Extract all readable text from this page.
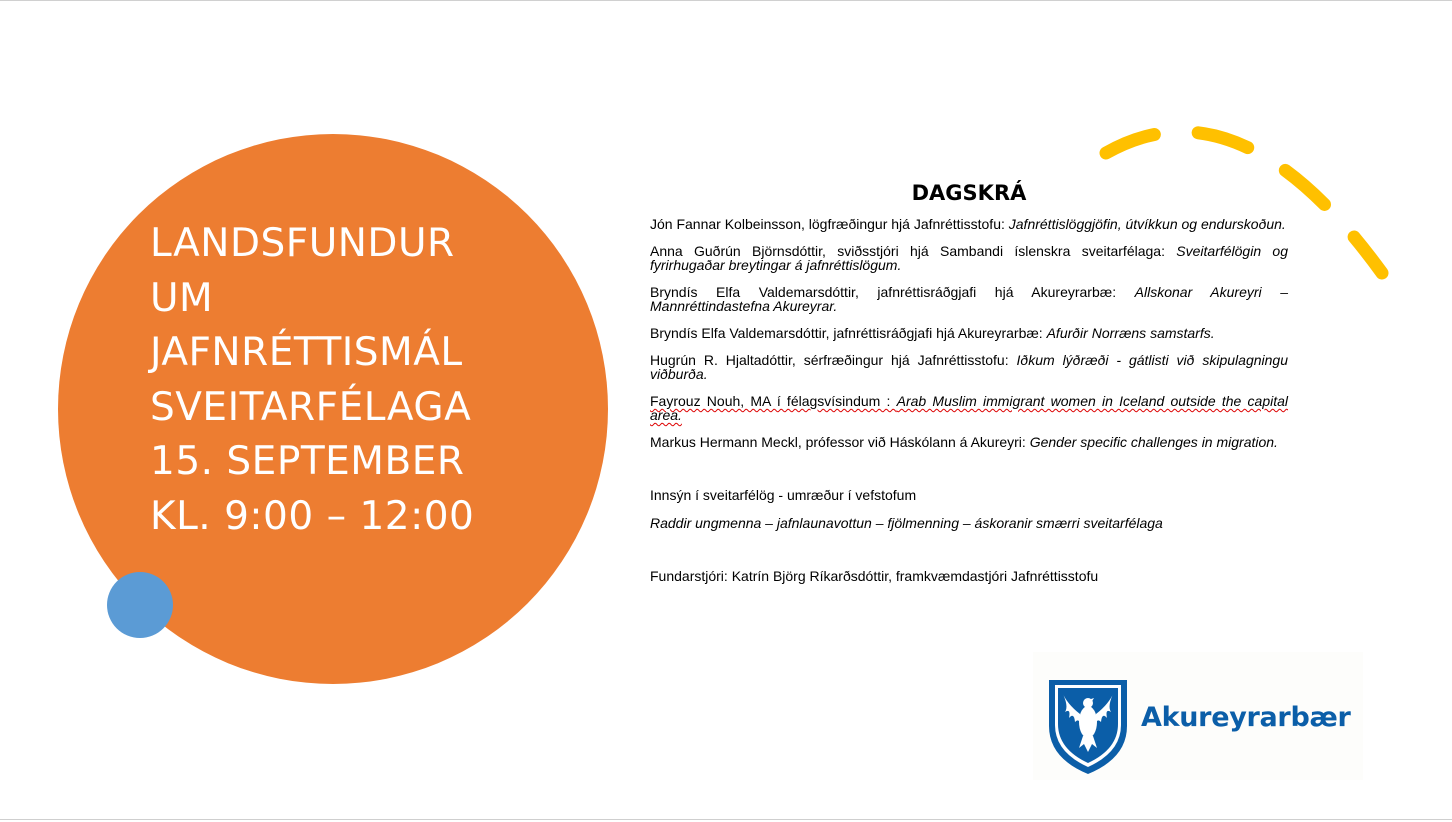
LANDSFUNDUR
UM
JAFNRÉTTISMÁL
SVEITARFÉLAGA
15. SEPTEMBER
KL. 9:00 – 12:00
DAGSKRÁ
Jón Fannar Kolbeinsson, lögfræðingur hjá Jafnréttisstofu: Jafnréttislöggjöfin, útvíkkun og endurskoðun.
Anna Guðrún Björnsdóttir, sviðsstjóri hjá Sambandi íslenskra sveitarfélaga: Sveitarfélögin og fyrirhugaðar breytingar á jafnréttislögum.
Bryndís Elfa Valdemarsdóttir, jafnréttisráðgjafi hjá Akureyrarbæ: Allskonar Akureyri – Mannréttindastefna Akureyrar.
Bryndís Elfa Valdemarsdóttir, jafnréttisráðgjafi hjá Akureyrarbæ: Afurðir Norræns samstarfs.
Hugrún R. Hjaltadóttir, sérfræðingur hjá Jafnréttisstofu: Iðkum lýðræði - gátlisti við skipulagningu viðburða.
Fayrouz Nouh, MA í félagsvísindum : Arab Muslim immigrant women in Iceland outside the capital area.
Markus Hermann Meckl, prófessor við Háskólann á Akureyri: Gender specific challenges in migration.
Innsýn í sveitarfélög - umræður í vefstofum
Raddir ungmenna – jafnlaunavottun – fjölmenning – áskoranir smærri sveitarfélaga
Fundarstjóri: Katrín Björg Ríkarðsdóttir, framkvæmdastjóri Jafnréttisstofu
Akureyrarbær
